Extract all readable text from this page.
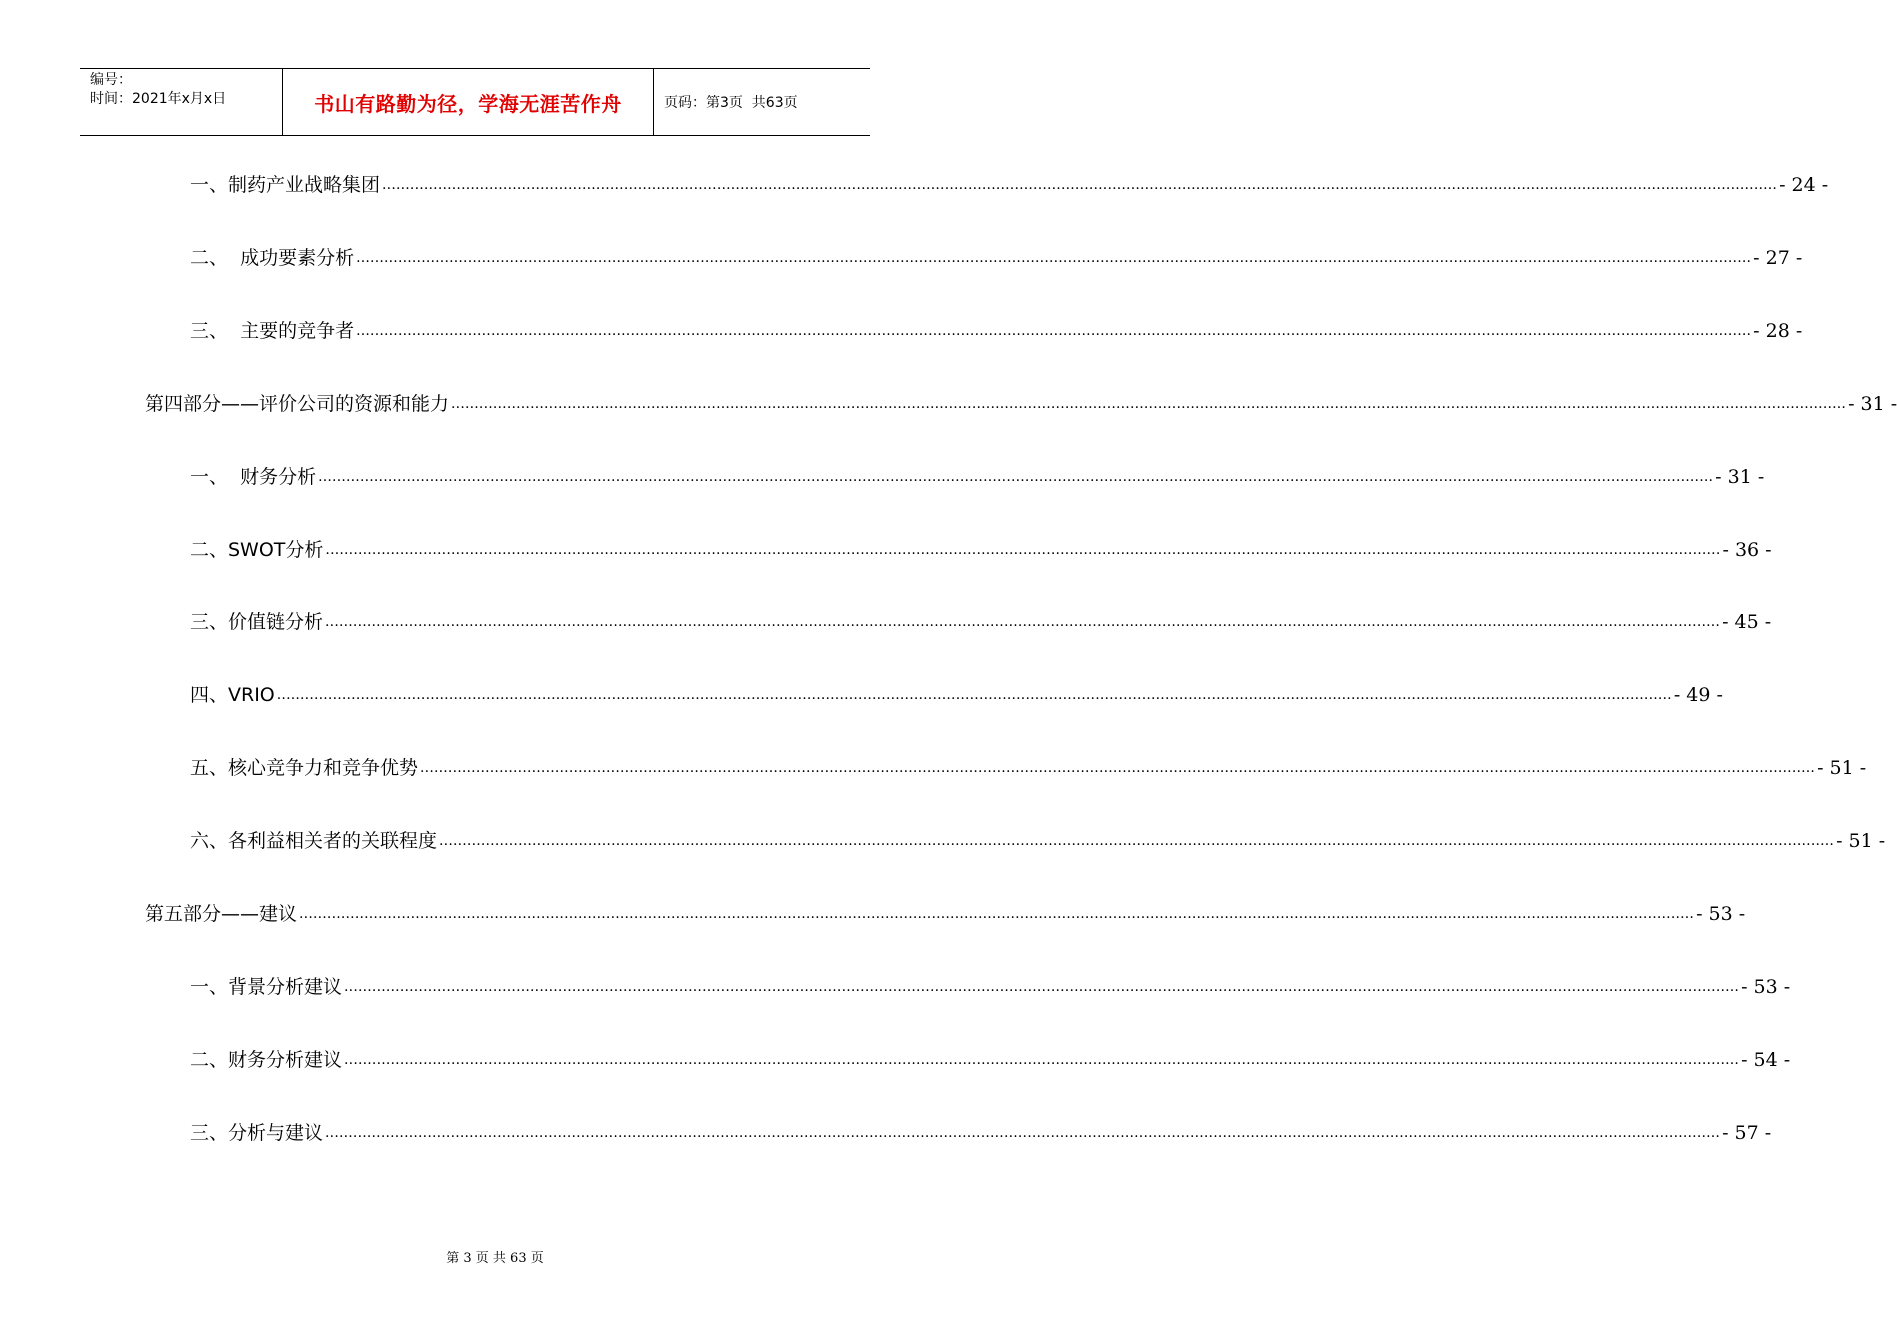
编号：
时间：2021年x月x日	书山有路勤为径，学海无涯苦作舟	页码：第3页  共63页
一、制药产业战略集团 ............................................................................................................................................................................................................................................................................................................ - 24 -
二、  成功要素分析 ............................................................................................................................................................................................................................................................................................................ - 27 -
三、  主要的竞争者 ............................................................................................................................................................................................................................................................................................................ - 28 -
第四部分——评价公司的资源和能力 ............................................................................................................................................................................................................................................................................................................ - 31 -
一、  财务分析 ............................................................................................................................................................................................................................................................................................................ - 31 -
二、SWOT分析 ............................................................................................................................................................................................................................................................................................................ - 36 -
三、价值链分析 ............................................................................................................................................................................................................................................................................................................ - 45 -
四、VRIO ............................................................................................................................................................................................................................................................................................................ - 49 -
五、核心竞争力和竞争优势 ............................................................................................................................................................................................................................................................................................................ - 51 -
六、各利益相关者的关联程度 ............................................................................................................................................................................................................................................................................................................ - 51 -
第五部分——建议 ............................................................................................................................................................................................................................................................................................................ - 53 -
一、背景分析建议 ............................................................................................................................................................................................................................................................................................................ - 53 -
二、财务分析建议 ............................................................................................................................................................................................................................................................................................................ - 54 -
三、分析与建议 ............................................................................................................................................................................................................................................................................................................ - 57 -
第 3 页 共 63 页
